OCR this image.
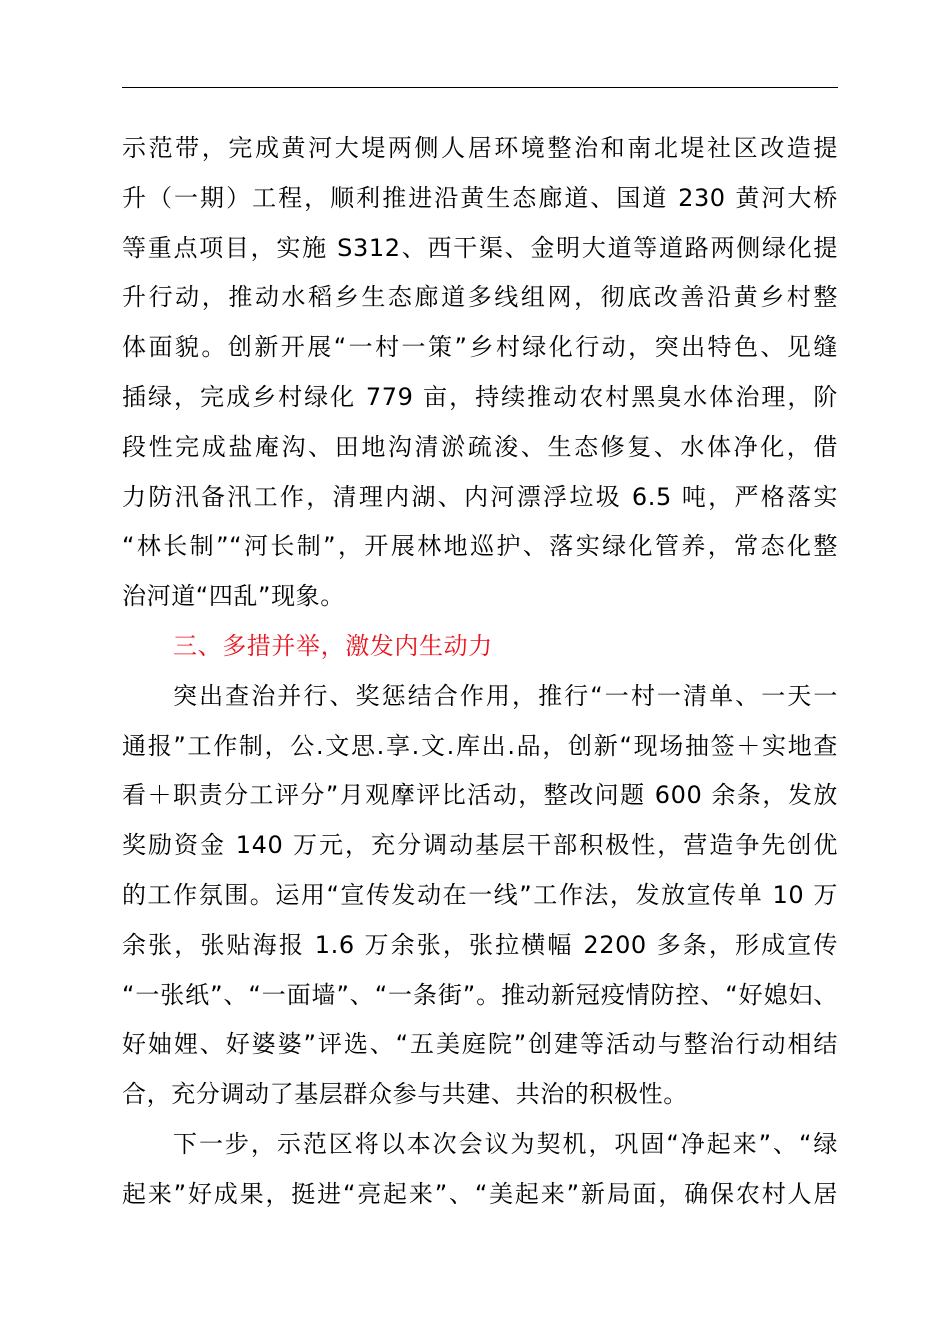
示范带，完成黄河大堤两侧人居环境整治和南北堤社区改造提
升（一期）工程，顺利推进沿黄生态廊道、国道 230 黄河大桥
等重点项目，实施 S312、西干渠、金明大道等道路两侧绿化提
升行动，推动水稻乡生态廊道多线组网，彻底改善沿黄乡村整
体面貌。创新开展“一村一策”乡村绿化行动，突出特色、见缝
插绿，完成乡村绿化 779 亩，持续推动农村黑臭水体治理，阶
段性完成盐庵沟、田地沟清淤疏浚、生态修复、水体净化，借
力防汛备汛工作，清理内湖、内河漂浮垃圾 6.5 吨，严格落实
“林长制”“河长制”，开展林地巡护、落实绿化管养，常态化整
治河道“四乱”现象。
三、多措并举，激发内生动力
突出查治并行、奖惩结合作用，推行“一村一清单、一天一
通报”工作制，公.文思.享.文.库出.品，创新“现场抽签＋实地查
看＋职责分工评分”月观摩评比活动，整改问题 600 余条，发放
奖励资金 140 万元，充分调动基层干部积极性，营造争先创优
的工作氛围。运用“宣传发动在一线”工作法，发放宣传单 10 万
余张，张贴海报 1.6 万余张，张拉横幅 2200 多条，形成宣传
“一张纸”、“一面墙”、“一条街”。推动新冠疫情防控、“好媳妇、
好妯娌、好婆婆”评选、“五美庭院”创建等活动与整治行动相结
合，充分调动了基层群众参与共建、共治的积极性。
下一步，示范区将以本次会议为契机，巩固“净起来”、“绿
起来”好成果，挺进“亮起来”、“美起来”新局面，确保农村人居
